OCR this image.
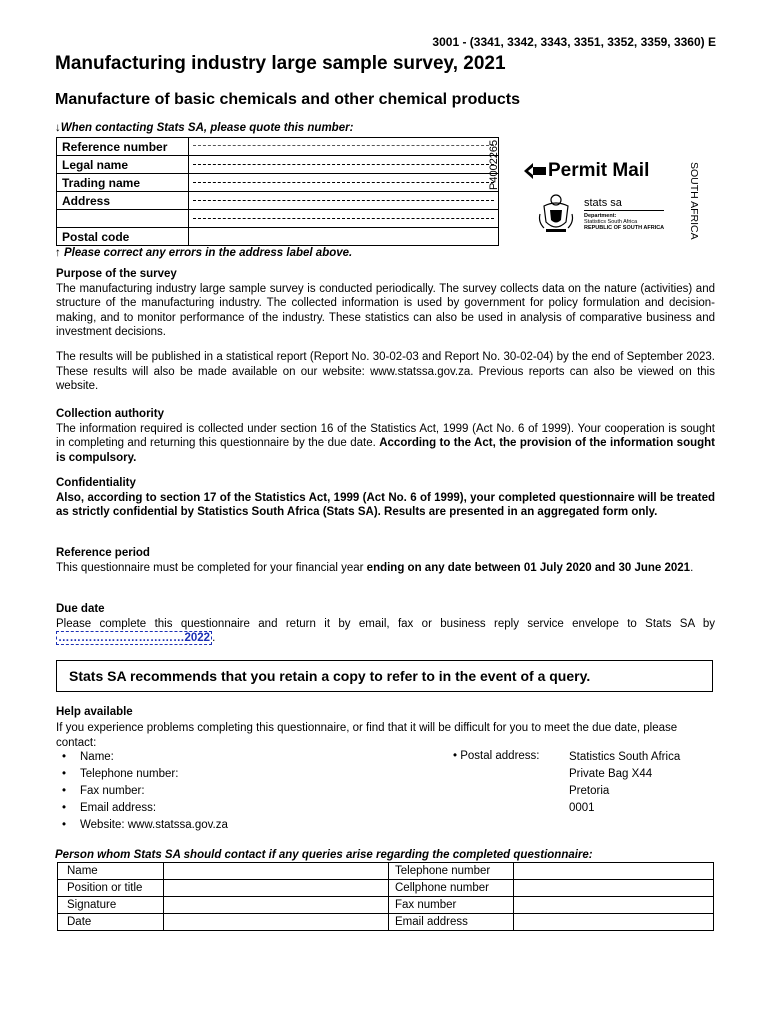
3001 - (3341, 3342, 3343, 3351, 3352, 3359, 3360) E
Manufacturing industry large sample survey, 2021
Manufacture of basic chemicals and other chemical products
↓When contacting Stats SA, please quote this number:
Reference number	

Legal name	

Trading name	

Address	

Postal code	
P4002265	Permit Mail	SOUTH AFRICA
stats sa
Department:
Statistics South Africa
REPUBLIC OF SOUTH AFRICA
↑ Please correct any errors in the address label above.
Purpose of the survey

The manufacturing industry large sample survey is conducted periodically. The survey collects data on the nature (activities) and structure of the manufacturing industry. The collected information is used by government for policy formulation and decision-making, and to monitor performance of the industry. These statistics can also be used in analysis of comparative business and investment decisions.

The results will be published in a statistical report (Report No. 30-02-03 and Report No. 30-02-04) by the end of September 2023. These results will also be made available on our website: www.statssa.gov.za. Previous reports can also be viewed on this website.

Collection authority

The information required is collected under section 16 of the Statistics Act, 1999 (Act No. 6 of 1999). Your cooperation is sought in completing and returning this questionnaire by the due date. According to the Act, the provision of the information sought is compulsory.

Confidentiality

Also, according to section 17 of the Statistics Act, 1999 (Act No. 6 of 1999), your completed questionnaire will be treated as strictly confidential by Statistics South Africa (Stats SA). Results are presented in an aggregated form only.

Reference period

This questionnaire must be completed for your financial year ending on any date between 01 July 2020 and 30 June 2021.

Due date

Please complete this questionnaire and return it by email, fax or business reply service envelope to Stats SA by ……………………………2022 .

Stats SA recommends that you retain a copy to refer to in the event of a query.
Help available
If you experience problems completing this questionnaire, or find that it will be difficult for you to meet the due date, please contact:
• Name:
• Telephone number:
• Fax number:
• Email address:
• Website: www.statssa.gov.za
• Postal address:	Statistics South Africa
Private Bag X44
Pretoria
0001
Person whom Stats SA should contact if any queries arise regarding the completed questionnaire:
Name		Telephone number	
Position or title		Cellphone number	
Signature		Fax number	
Date		Email address	
